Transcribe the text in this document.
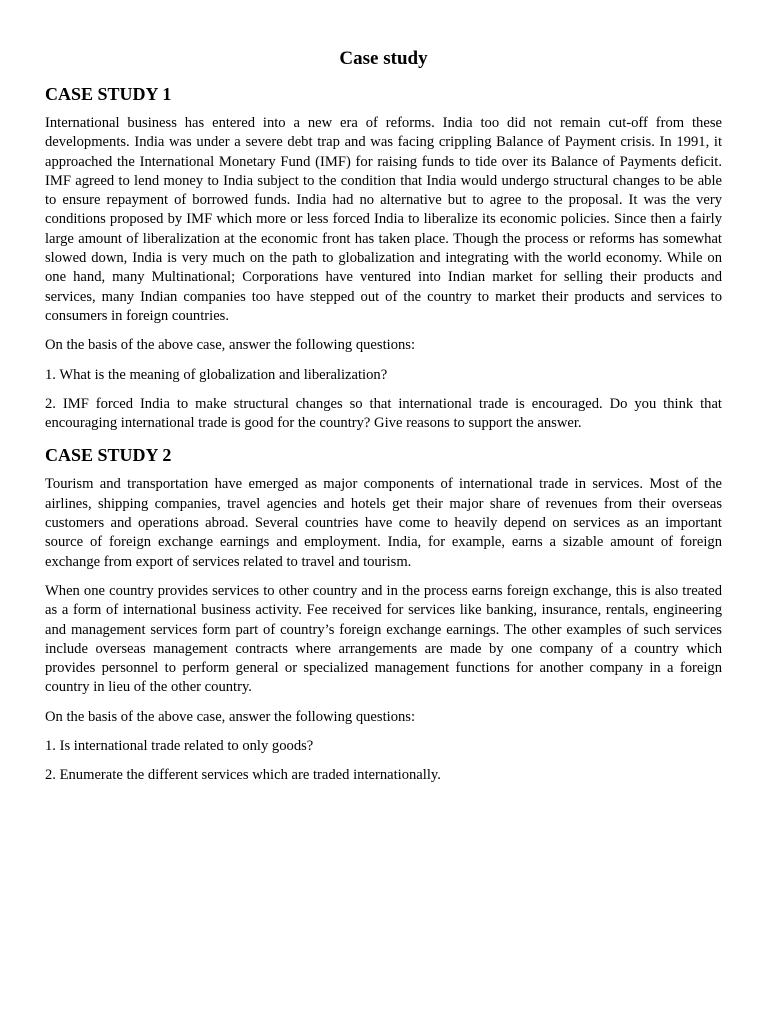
Case study
CASE STUDY 1

International business has entered into a new era of reforms. India too did not remain cut-off from these developments. India was under a severe debt trap and was facing crippling Balance of Payment crisis. In 1991, it approached the International Monetary Fund (IMF) for raising funds to tide over its Balance of Payments deficit. IMF agreed to lend money to India subject to the condition that India would undergo structural changes to be able to ensure repayment of borrowed funds. India had no alternative but to agree to the proposal. It was the very conditions proposed by IMF which more or less forced India to liberalize its economic policies. Since then a fairly large amount of liberalization at the economic front has taken place. Though the process or reforms has somewhat slowed down, India is very much on the path to globalization and integrating with the world economy. While on one hand, many Multinational; Corporations have ventured into Indian market for selling their products and services, many Indian companies too have stepped out of the country to market their products and services to consumers in foreign countries.

On the basis of the above case, answer the following questions:

1. What is the meaning of globalization and liberalization?

2. IMF forced India to make structural changes so that international trade is encouraged. Do you think that encouraging international trade is good for the country? Give reasons to support the answer.

CASE STUDY 2

Tourism and transportation have emerged as major components of international trade in services. Most of the airlines, shipping companies, travel agencies and hotels get their major share of revenues from their overseas customers and operations abroad. Several countries have come to heavily depend on services as an important source of foreign exchange earnings and employment. India, for example, earns a sizable amount of foreign exchange from export of services related to travel and tourism.

When one country provides services to other country and in the process earns foreign exchange, this is also treated as a form of international business activity. Fee received for services like banking, insurance, rentals, engineering and management services form part of country’s foreign exchange earnings. The other examples of such services include overseas management contracts where arrangements are made by one company of a country which provides personnel to perform general or specialized management functions for another company in a foreign country in lieu of the other country.

On the basis of the above case, answer the following questions:

1. Is international trade related to only goods?

2. Enumerate the different services which are traded internationally.
